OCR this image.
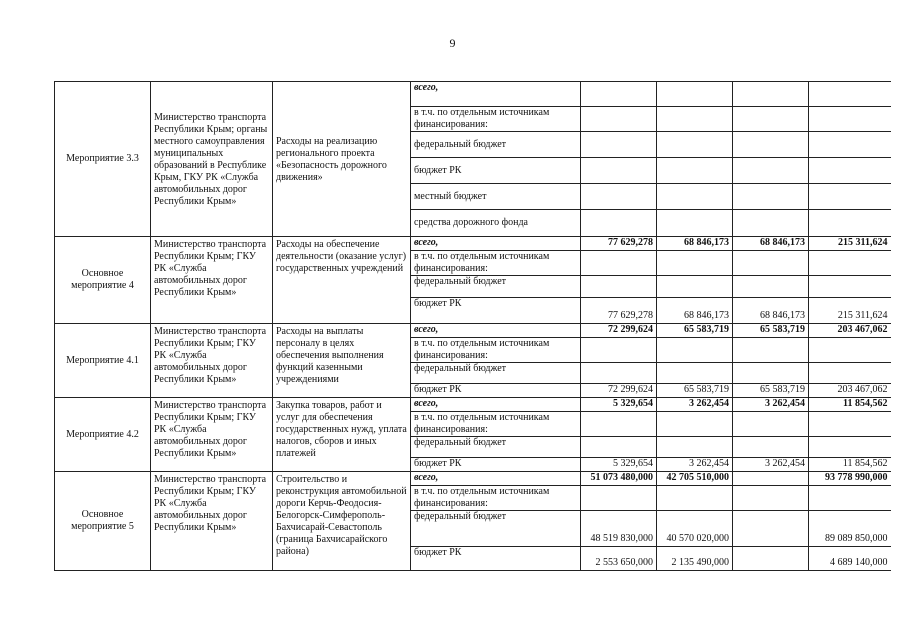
9
Мероприятие 3.3	Министерство транспорта Республики Крым; органы местного самоуправления муниципальных образований в Республике Крым, ГКУ РК «Служба автомобильных дорог Республики Крым»	Расходы на реализацию регионального проекта «Безопасность дорожного движения»	всего,				
			в т.ч. по отдельным источникам финансирования:				
			федеральный бюджет				
			бюджет РК				
			местный бюджет				
			средства дорожного фонда				
Основное мероприятие 4	Министерство транспорта Республики Крым; ГКУ РК «Служба автомобильных дорог Республики Крым»	Расходы на обеспечение деятельности (оказание услуг) государственных учреждений	всего,	77 629,278	68 846,173	68 846,173	215 311,624
			в т.ч. по отдельным источникам финансирования:				
			федеральный бюджет				
			бюджет РК	77 629,278	68 846,173	68 846,173	215 311,624
Мероприятие 4.1	Министерство транспорта Республики Крым; ГКУ РК «Служба автомобильных дорог Республики Крым»	Расходы на выплаты персоналу в целях обеспечения выполнения функций казенными учреждениями	всего,	72 299,624	65 583,719	65 583,719	203 467,062
			в т.ч. по отдельным источникам финансирования:				
			федеральный бюджет				
			бюджет РК	72 299,624	65 583,719	65 583,719	203 467,062
Мероприятие 4.2	Министерство транспорта Республики Крым; ГКУ РК «Служба автомобильных дорог Республики Крым»	Закупка товаров, работ и услуг для обеспечения государственных нужд, уплата налогов, сборов и иных платежей	всего,	5 329,654	3 262,454	3 262,454	11 854,562
			в т.ч. по отдельным источникам финансирования:				
			федеральный бюджет				
			бюджет РК	5 329,654	3 262,454	3 262,454	11 854,562
Основное мероприятие 5	Министерство транспорта Республики Крым; ГКУ РК «Служба автомобильных дорог Республики Крым»	Строительство и реконструкция автомобильной дороги Керчь-Феодосия-Белогорск-Симферополь-Бахчисарай-Севастополь (граница Бахчисарайского района)	всего,	51 073 480,000	42 705 510,000		93 778 990,000
			в т.ч. по отдельным источникам финансирования:				
			федеральный бюджет	48 519 830,000	40 570 020,000		89 089 850,000
			бюджет РК	2 553 650,000	2 135 490,000		4 689 140,000
